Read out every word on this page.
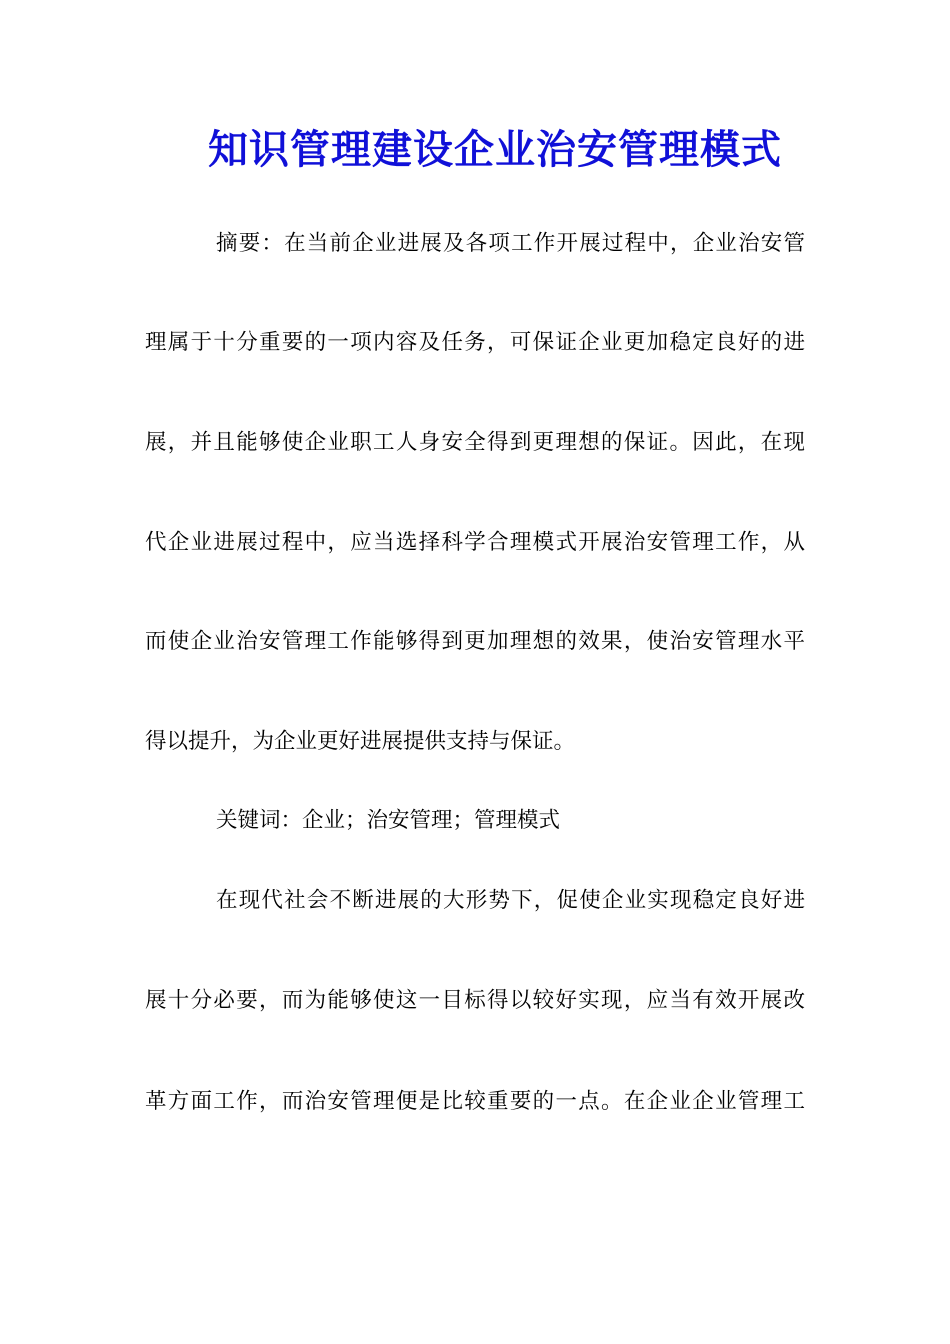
知识管理建设企业治安管理模式
摘要：在当前企业进展及各项工作开展过程中，企业治安管
理属于十分重要的一项内容及任务，可保证企业更加稳定良好的进
展，并且能够使企业职工人身安全得到更理想的保证。因此，在现
代企业进展过程中，应当选择科学合理模式开展治安管理工作，从
而使企业治安管理工作能够得到更加理想的效果，使治安管理水平
得以提升，为企业更好进展提供支持与保证。
关键词：企业；治安管理；管理模式
在现代社会不断进展的大形势下，促使企业实现稳定良好进
展十分必要，而为能够使这一目标得以较好实现，应当有效开展改
革方面工作，而治安管理便是比较重要的一点。在企业企业管理工
